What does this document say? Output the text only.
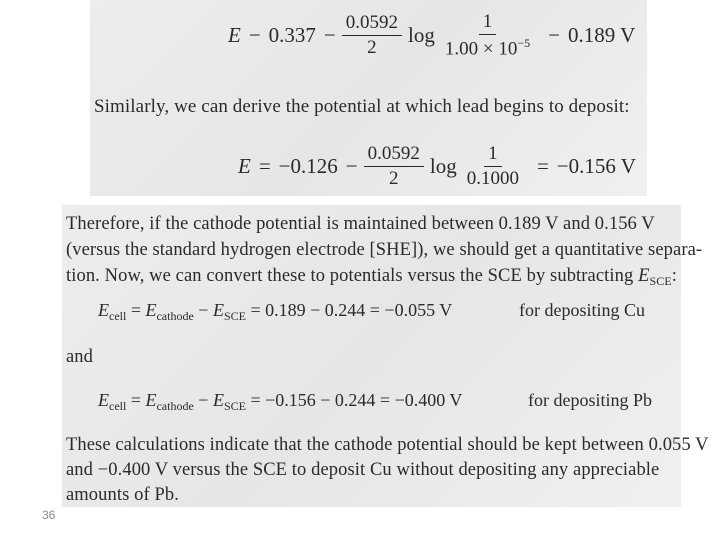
$E - 0.337 - \frac{0.0592}{2}$ $\log \frac{1}{1.00 \times 10^{-5}} - 0.189$ V
Similarly, we can derive the potential at which lead begins to deposit:
$E = -0.126 - \frac{0.0592}{2}$ $\log \frac{1}{0.1000} = -0.156$ V
Therefore, if the cathode potential is maintained between 0.189 V and 0.156 V
(versus the standard hydrogen electrode [SHE]), we should get a quantitative separa-
tion. Now, we can convert these to potentials versus the SCE by subtracting $E_{SCE}$:
$E_{cell} = E_{cathode} - E_{SCE} = 0.189 - 0.244 = -0.055$ V	for depositing Cu
and
$E_{cell} = E_{cathode} - E_{SCE} = -0.156 - 0.244 = -0.400$ V	for depositing Pb
These calculations indicate that the cathode potential should be kept between 0.055 V
and −0.400 V versus the SCE to deposit Cu without depositing any appreciable
amounts of Pb.
36
